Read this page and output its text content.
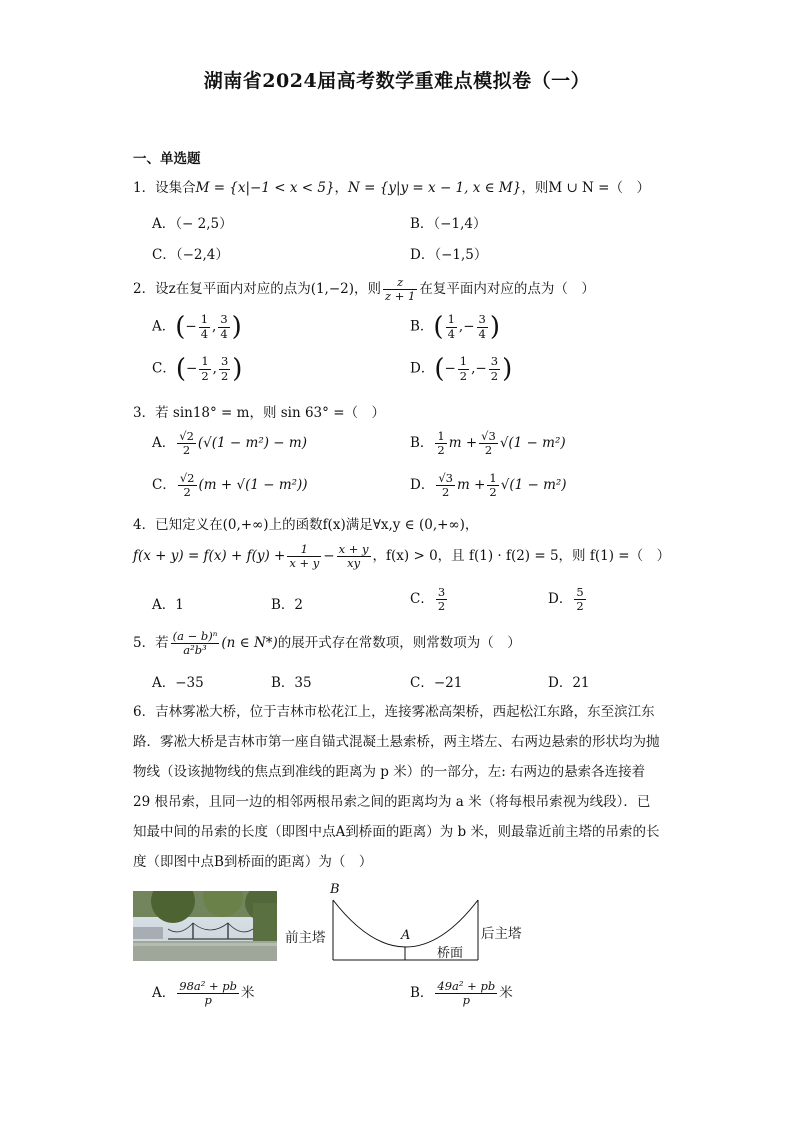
湖南省2024届高考数学重难点模拟卷（一）
一、单选题
1．设集合M = {x|−1 < x < 5}，N = {y|y = x − 1, x ∈ M}，则M ∪ N =（　）
A．（− 2,5）	B．（−1,4）
C．（−2,4）	D．（−1,5）
2．设z在复平面内对应的点为(1,−2)，则 $\frac{z}{z + 1}$ 在复平面内对应的点为（　）
A．(− $\frac{1}{4}$ , $\frac{3}{4}$ )	B．( $\frac{1}{4}$ ,− $\frac{3}{4}$ )
C．(− $\frac{1}{2}$ , $\frac{3}{2}$ )	D．(− $\frac{1}{2}$ ,− $\frac{3}{2}$ )
3．若 sin18° = m，则 sin 63° =（　）
A． $\frac{√2}{2} (√(1 - m^2) - m)$	B． $\frac{1}{2}$ $m + \frac{√3}{2} √(1 - m^2)$
C． $\frac{√2}{2} (m + √(1 - m^2))$	D． $\frac{√3}{2}$ $m + \frac{1}{2} √(1 - m^2)$
4．已知定义在(0,+∞)上的函数f(x)满足∀x,y ∈ (0,+∞)，
$f(x + y) = f(x) + f(y) + \frac{1}{x + y} - \frac{x + y}{xy}$ ，f(x) > 0，且 f(1) · f(2) = 5，则 f(1) =（　）
A．1	B．2	C． $\frac{3}{2}$	D． $\frac{5}{2}$
5．若 $\frac{\text{(a − b)ⁿ}}{\text{a²b³}} (n$ ∈ N*)的展开式存在常数项，则常数项为（　）
A．−35	B．35	C．−21	D．21
6．吉林雾凇大桥，位于吉林市松花江上，连接雾凇高架桥，西起松江东路，东至滨江东路．雾凇大桥是吉林市第一座自锚式混凝土悬索桥，两主塔左、右两边悬索的形状均为抛物线（设该抛物线的焦点到准线的距离为 p 米）的一部分，左: 右两边的悬索各连接着 29 根吊索，且同一边的相邻两根吊索之间的距离均为 a 米（将每根吊索视为线段）．已知最中间的吊索的长度（即图中点A到桥面的距离）为 b 米，则最靠近前主塔的吊索的长度（即图中点B到桥面的距离）为（　）
B
A
前主塔	后主塔
桥面
A． $\frac{\text{98a² + pb}}{p}$ 米	B． $\frac{\text{49a² + pb}}{p}$ 米
